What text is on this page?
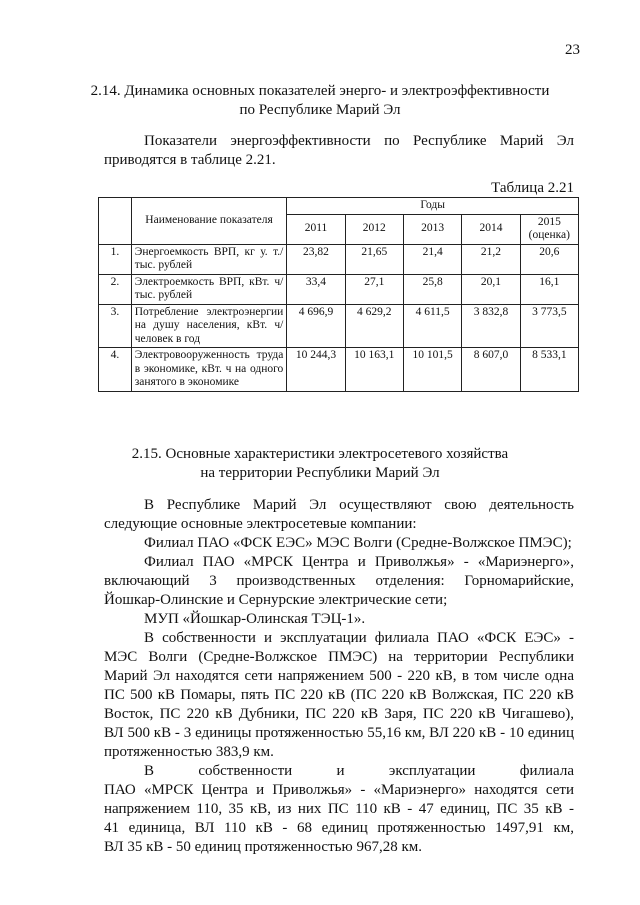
23
2.14. Динамика основных показателей энерго- и электроэффективности
по Республике Марий Эл
Показатели энергоэффективности по Республике Марий Эл
приводятся в таблице 2.21.
Таблица 2.21
	Наименование показателя	Годы				
		2011	2012	2013	2014	2015 (оценка)
1.	Энергоемкость ВРП, кг у. т./тыс. рублей	23,82	21,65	21,4	21,2	20,6
2.	Электроемкость ВРП, кВт. ч/тыс. рублей	33,4	27,1	25,8	20,1	16,1
3.	Потребление электроэнергии на душу населения, кВт. ч/человек в год	4 696,9	4 629,2	4 611,5	3 832,8	3 773,5
4.	Электровооруженность труда в экономике, кВт. ч на одного занятого в экономике	10 244,3	10 163,1	10 101,5	8 607,0	8 533,1
2.15. Основные характеристики электросетевого хозяйства
на территории Республики Марий Эл
В Республике Марий Эл осуществляют свою деятельность
следующие основные электросетевые компании:
Филиал ПАО «ФСК ЕЭС» МЭС Волги (Средне-Волжское ПМЭС);
Филиал ПАО «МРСК Центра и Приволжья» - «Мариэнерго»,
включающий 3 производственных отделения: Горномарийские,
Йошкар-Олинские и Сернурские электрические сети;
МУП «Йошкар-Олинская ТЭЦ-1».
В собственности и эксплуатации филиала ПАО «ФСК ЕЭС» -
МЭС Волги (Средне-Волжское ПМЭС) на территории Республики
Марий Эл находятся сети напряжением 500 - 220 кВ, в том числе одна
ПС 500 кВ Помары, пять ПС 220 кВ (ПС 220 кВ Волжская, ПС 220 кВ
Восток, ПС 220 кВ Дубники, ПС 220 кВ Заря, ПС 220 кВ Чигашево),
ВЛ 500 кВ - 3 единицы протяженностью 55,16 км, ВЛ 220 кВ - 10 единиц
протяженностью 383,9 км.
В собственности и эксплуатации филиала
ПАО «МРСК Центра и Приволжья» - «Мариэнерго» находятся сети
напряжением 110, 35 кВ, из них ПС 110 кВ - 47 единиц, ПС 35 кВ -
41 единица, ВЛ 110 кВ - 68 единиц протяженностью 1497,91 км,
ВЛ 35 кВ - 50 единиц протяженностью 967,28 км.
